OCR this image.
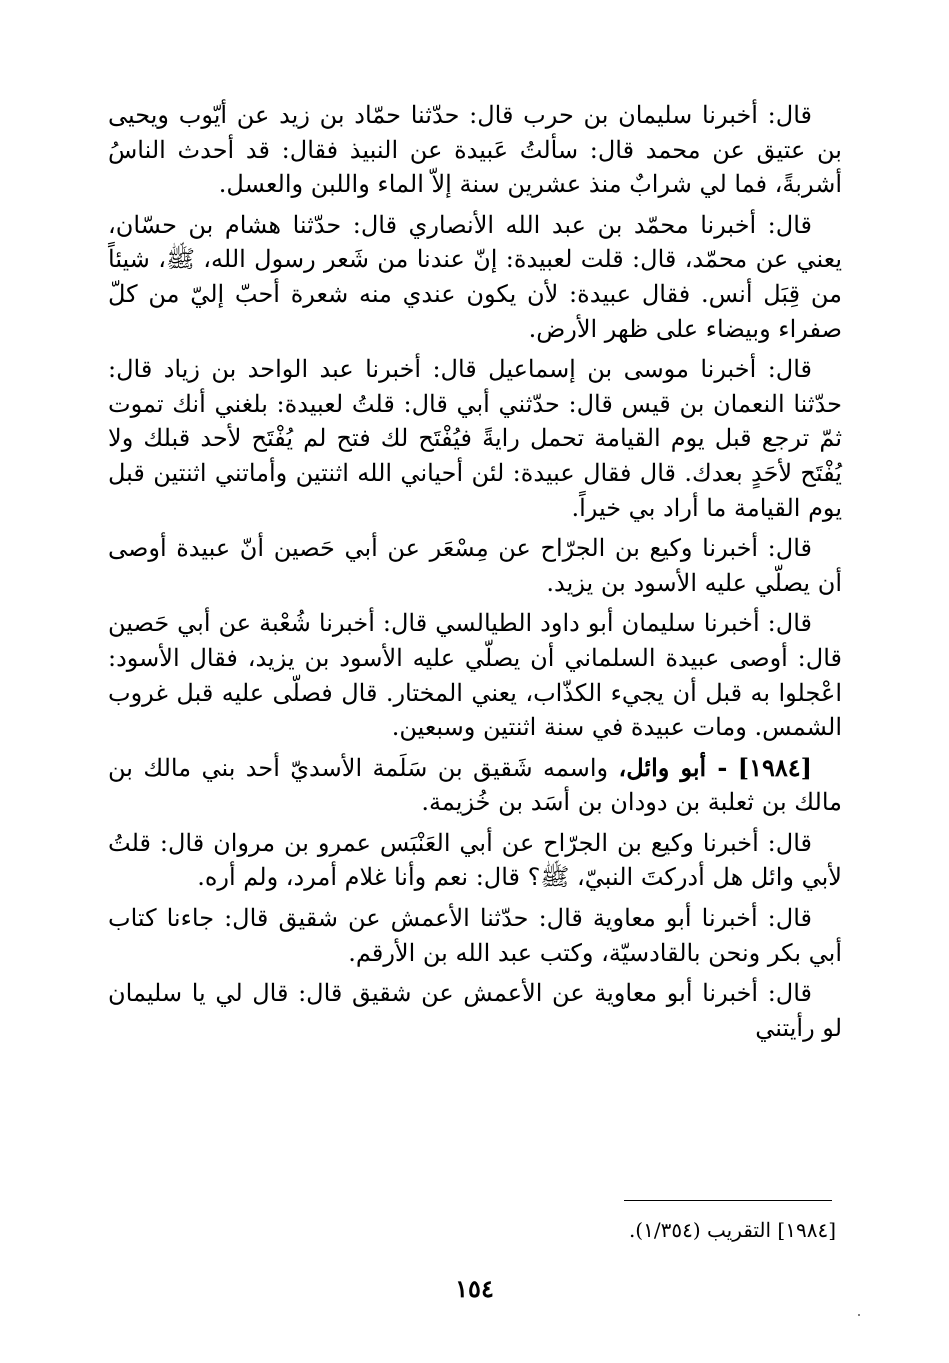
قال: أخبرنا سليمان بن حرب قال: حدّثنا حمّاد بن زيد عن أيّوب ويحيى بن عتيق عن محمد قال: سألتُ عَبيدة عن النبيذ فقال: قد أحدث الناسُ أشربةً، فما لي شرابٌ منذ عشرين سنة إلاّ الماء واللبن والعسل.

قال: أخبرنا محمّد بن عبد الله الأنصاري قال: حدّثنا هشام بن حسّان، يعني عن محمّد، قال: قلت لعبيدة: إنّ عندنا من شَعر رسول الله، ﷺ، شيئاً من قِبَل أنس. فقال عبيدة: لأن يكون عندي منه شعرة أحبّ إليّ من كلّ صفراء وبيضاء على ظهر الأرض.

قال: أخبرنا موسى بن إسماعيل قال: أخبرنا عبد الواحد بن زياد قال: حدّثنا النعمان بن قيس قال: حدّثني أبي قال: قلتُ لعبيدة: بلغني أنك تموت ثمّ ترجع قبل يوم القيامة تحمل رايةً فيُفْتَح لك فتح لم يُفْتَح لأحد قبلك ولا يُفْتَح لأحَدٍ بعدك. قال فقال عبيدة: لئن أحياني الله اثنتين وأماتني اثنتين قبل يوم القيامة ما أراد بي خيراً.

قال: أخبرنا وكيع بن الجرّاح عن مِسْعَر عن أبي حَصين أنّ عبيدة أوصى أن يصلّي عليه الأسود بن يزيد.

قال: أخبرنا سليمان أبو داود الطيالسي قال: أخبرنا شُعْبة عن أبي حَصين قال: أوصى عبيدة السلماني أن يصلّي عليه الأسود بن يزيد، فقال الأسود: اعْجلوا به قبل أن يجيء الكذّاب، يعني المختار. قال فصلّى عليه قبل غروب الشمس. ومات عبيدة في سنة اثنتين وسبعين.

[١٩٨٤] - أبو وائل، واسمه شَقيق بن سَلَمة الأسديّ أحد بني مالك بن مالك بن ثعلبة بن دودان بن أسَد بن خُزيمة.

قال: أخبرنا وكيع بن الجرّاح عن أبي العَنْبَس عمرو بن مروان قال: قلتُ لأبي وائل هل أدركتَ النبيّ، ﷺ؟ قال: نعم وأنا غلام أمرد، ولم أره.

قال: أخبرنا أبو معاوية قال: حدّثنا الأعمش عن شقيق قال: جاءنا كتاب أبي بكر ونحن بالقادسيّة، وكتب عبد الله بن الأرقم.

قال: أخبرنا أبو معاوية عن الأعمش عن شقيق قال: قال لي يا سليمان لو رأيتني

[١٩٨٤] التقريب (١/٣٥٤).
١٥٤
